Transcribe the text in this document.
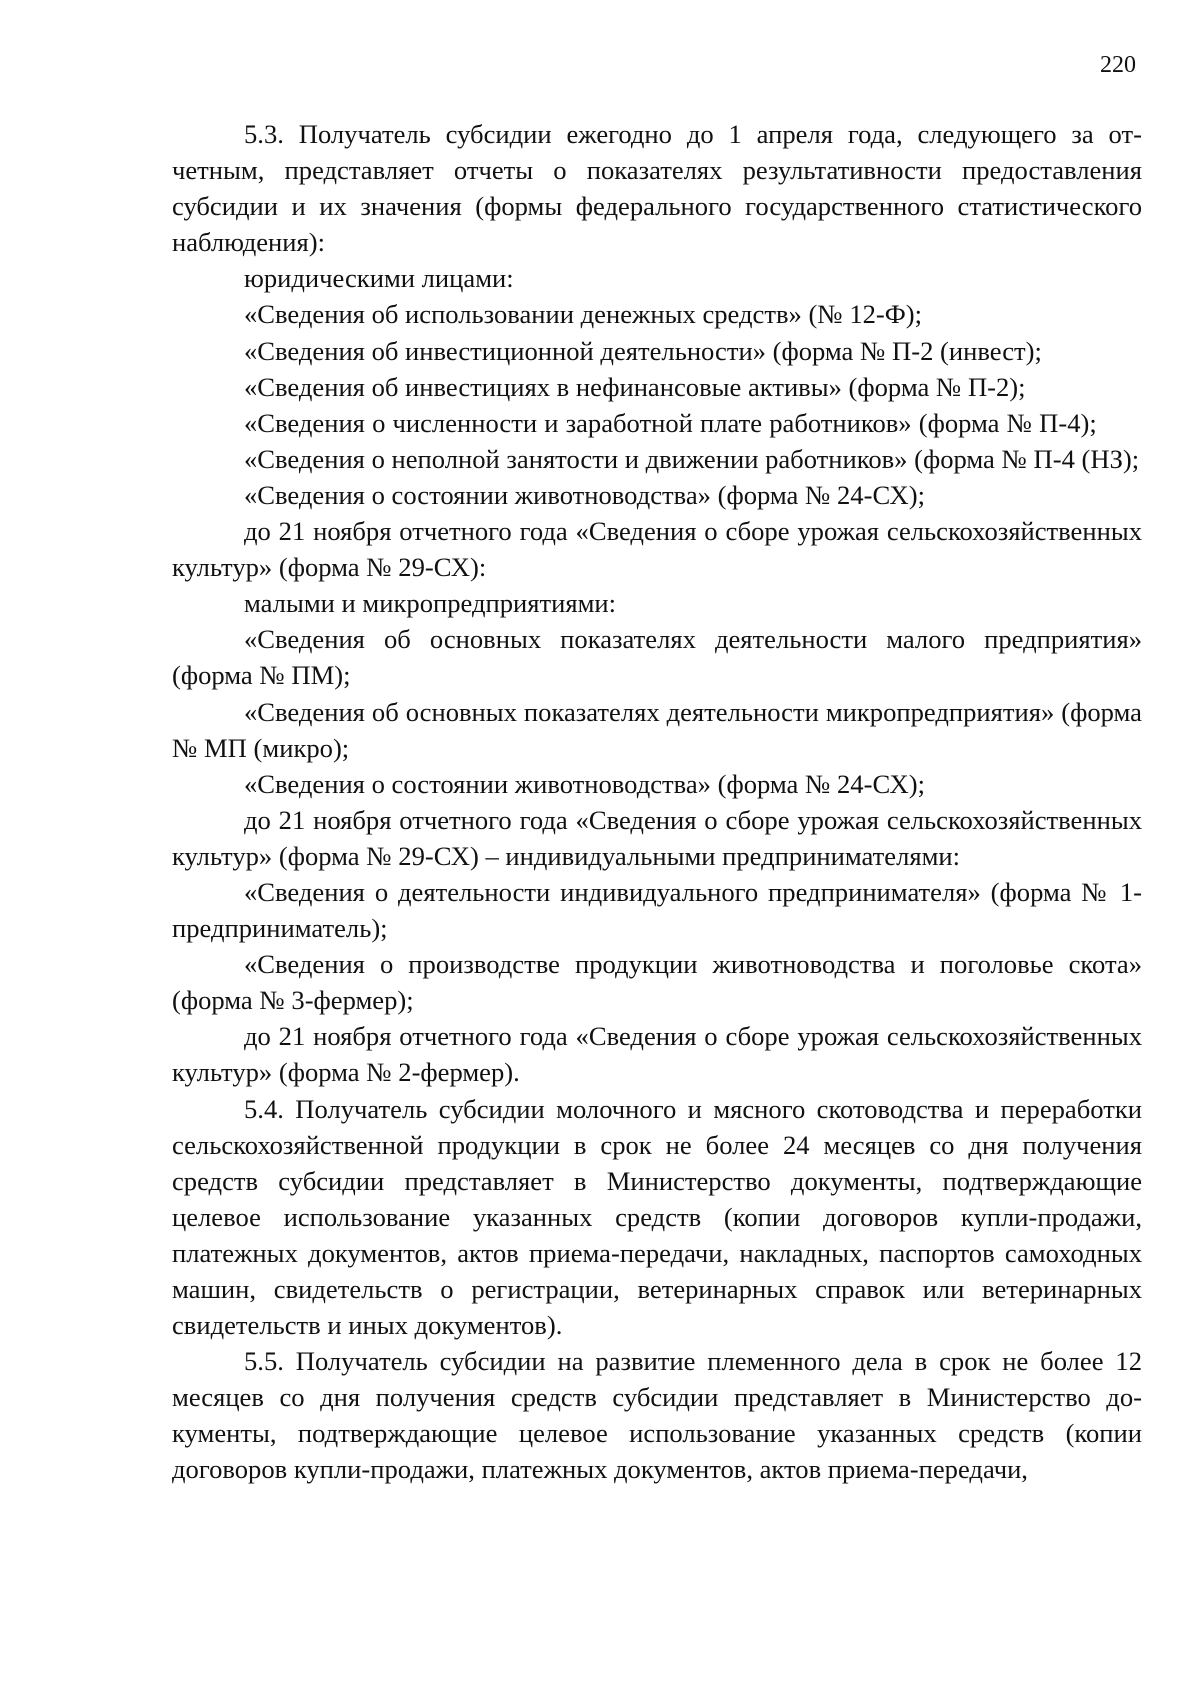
220

5.3. Получатель субсидии ежегодно до 1 апреля года, следующего за отчетным, представляет отчеты о показателях результативности предоставления субсидии и их значения (формы федерального государственного статистического наблюдения):

юридическими лицами:

«Сведения об использовании денежных средств» (№ 12-Ф);

«Сведения об инвестиционной деятельности» (форма № П-2 (инвест);

«Сведения об инвестициях в нефинансовые активы» (форма № П-2);

«Сведения о численности и заработной плате работников» (форма № П-4);

«Сведения о неполной занятости и движении работников» (форма № П-4 (НЗ);

«Сведения о состоянии животноводства» (форма № 24-СХ);

до 21 ноября отчетного года «Сведения о сборе урожая сельскохозяйственных культур» (форма № 29-СХ):

малыми и микропредприятиями:

«Сведения об основных показателях деятельности малого предприятия» (форма № ПМ);

«Сведения об основных показателях деятельности микропредприятия» (форма № МП (микро);

«Сведения о состоянии животноводства» (форма № 24-СХ);

до 21 ноября отчетного года «Сведения о сборе урожая сельскохозяйственных культур» (форма № 29-СХ) – индивидуальными предпринимателями:

«Сведения о деятельности индивидуального предпринимателя» (форма № 1-предприниматель);

«Сведения о производстве продукции животноводства и поголовье скота» (форма № 3-фермер);

до 21 ноября отчетного года «Сведения о сборе урожая сельскохозяйственных культур» (форма № 2-фермер).

5.4. Получатель субсидии молочного и мясного скотоводства и переработки сельскохозяйственной продукции в срок не более 24 месяцев со дня получения средств субсидии представляет в Министерство документы, подтверждающие целевое использование указанных средств (копии договоров купли-продажи, платежных документов, актов приема-передачи, накладных, паспортов самоходных машин, свидетельств о регистрации, ветеринарных справок или ветеринарных свидетельств и иных документов).

5.5. Получатель субсидии на развитие племенного дела в срок не более 12 месяцев со дня получения средств субсидии представляет в Министерство документы, подтверждающие целевое использование указанных средств (копии договоров купли-продажи, платежных документов, актов приема-передачи,
